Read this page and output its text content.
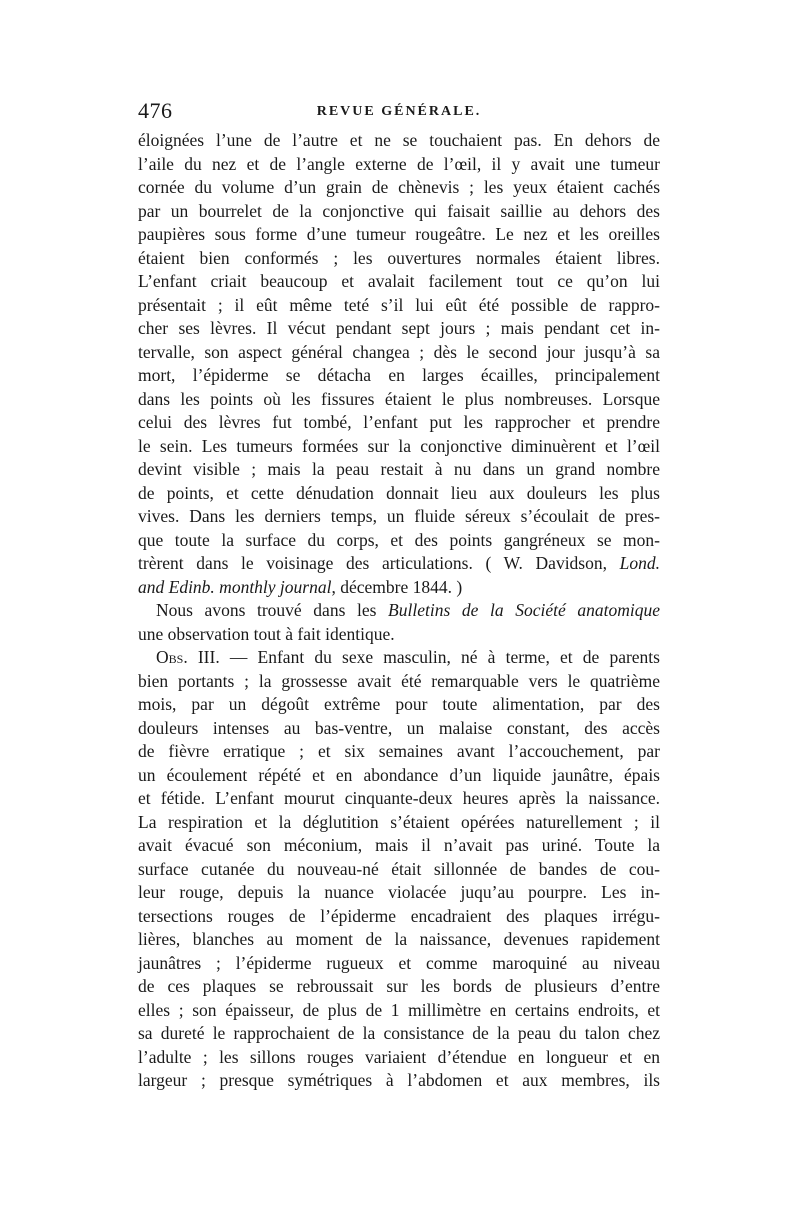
476	REVUE GÉNÉRALE.
éloignées l’une de l’autre et ne se touchaient pas. En dehors de
l’aile du nez et de l’angle externe de l’œil, il y avait une tumeur
cornée du volume d’un grain de chènevis ; les yeux étaient cachés
par un bourrelet de la conjonctive qui faisait saillie au dehors des
paupières sous forme d’une tumeur rougeâtre. Le nez et les oreilles
étaient bien conformés ; les ouvertures normales étaient libres.
L’enfant criait beaucoup et avalait facilement tout ce qu’on lui
présentait ; il eût même teté s’il lui eût été possible de rappro-
cher ses lèvres. Il vécut pendant sept jours ; mais pendant cet in-
tervalle, son aspect général changea ; dès le second jour jusqu’à sa
mort, l’épiderme se détacha en larges écailles, principalement
dans les points où les fissures étaient le plus nombreuses. Lorsque
celui des lèvres fut tombé, l’enfant put les rapprocher et prendre
le sein. Les tumeurs formées sur la conjonctive diminuèrent et l’œil
devint visible ; mais la peau restait à nu dans un grand nombre
de points, et cette dénudation donnait lieu aux douleurs les plus
vives. Dans les derniers temps, un fluide séreux s’écoulait de pres-
que toute la surface du corps, et des points gangréneux se mon-
trèrent dans le voisinage des articulations. ( W. Davidson, Lond.
and Edinb. monthly journal, décembre 1844. )
Nous avons trouvé dans les Bulletins de la Société anatomique
une observation tout à fait identique.
Obs. III. — Enfant du sexe masculin, né à terme, et de parents
bien portants ; la grossesse avait été remarquable vers le quatrième
mois, par un dégoût extrême pour toute alimentation, par des
douleurs intenses au bas-ventre, un malaise constant, des accès
de fièvre erratique ; et six semaines avant l’accouchement, par
un écoulement répété et en abondance d’un liquide jaunâtre, épais
et fétide. L’enfant mourut cinquante-deux heures après la naissance.
La respiration et la déglutition s’étaient opérées naturellement ; il
avait évacué son méconium, mais il n’avait pas uriné. Toute la
surface cutanée du nouveau-né était sillonnée de bandes de cou-
leur rouge, depuis la nuance violacée juqu’au pourpre. Les in-
tersections rouges de l’épiderme encadraient des plaques irrégu-
lières, blanches au moment de la naissance, devenues rapidement
jaunâtres ; l’épiderme rugueux et comme maroquiné au niveau
de ces plaques se rebroussait sur les bords de plusieurs d’entre
elles ; son épaisseur, de plus de 1 millimètre en certains endroits, et
sa dureté le rapprochaient de la consistance de la peau du talon chez
l’adulte ; les sillons rouges variaient d’étendue en longueur et en
largeur ; presque symétriques à l’abdomen et aux membres, ils
